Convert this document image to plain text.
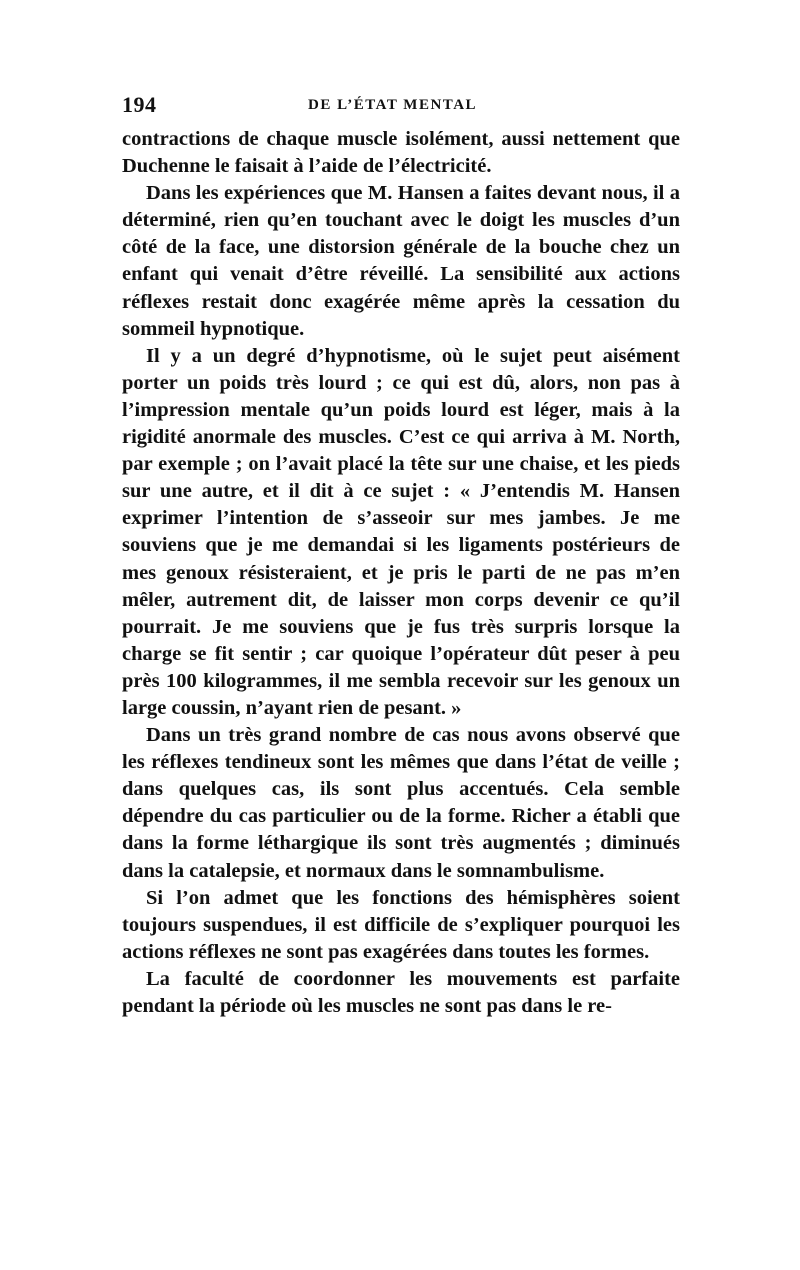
194	DE L’ÉTAT MENTAL

contractions de chaque muscle isolément, aussi nettement que Duchenne le faisait à l’aide de l’électricité.

Dans les expériences que M. Hansen a faites devant nous, il a déterminé, rien qu’en touchant avec le doigt les muscles d’un côté de la face, une distorsion générale de la bouche chez un enfant qui venait d’être réveillé. La sensibilité aux actions réflexes restait donc exagérée même après la cessation du sommeil hypnotique.

Il y a un degré d’hypnotisme, où le sujet peut aisément porter un poids très lourd ; ce qui est dû, alors, non pas à l’impression mentale qu’un poids lourd est léger, mais à la rigidité anormale des muscles. C’est ce qui arriva à M. North, par exemple ; on l’avait placé la tête sur une chaise, et les pieds sur une autre, et il dit à ce sujet : « J’entendis M. Hansen exprimer l’intention de s’asseoir sur mes jambes. Je me souviens que je me demandai si les ligaments postérieurs de mes genoux résisteraient, et je pris le parti de ne pas m’en mêler, autrement dit, de laisser mon corps devenir ce qu’il pourrait. Je me souviens que je fus très surpris lorsque la charge se fit sentir ; car quoique l’opérateur dût peser à peu près 100 kilogrammes, il me sembla recevoir sur les genoux un large coussin, n’ayant rien de pesant. »

Dans un très grand nombre de cas nous avons observé que les réflexes tendineux sont les mêmes que dans l’état de veille ; dans quelques cas, ils sont plus accentués. Cela semble dépendre du cas particulier ou de la forme. Richer a établi que dans la forme léthargique ils sont très augmentés ; diminués dans la catalepsie, et normaux dans le somnambulisme.

Si l’on admet que les fonctions des hémisphères soient toujours suspendues, il est difficile de s’expliquer pourquoi les actions réflexes ne sont pas exagérées dans toutes les formes.

La faculté de coordonner les mouvements est parfaite pendant la période où les muscles ne sont pas dans le re-
